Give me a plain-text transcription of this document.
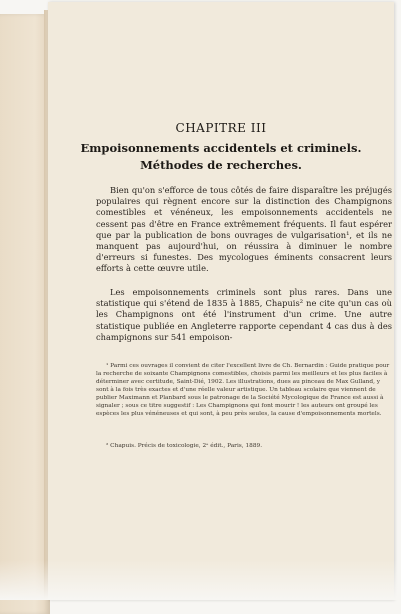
CHAPITRE III

Empoisonnements accidentels et criminels.

Méthodes de recherches.

Bien qu'on s'efforce de tous côtés de faire disparaître les préjugés populaires qui règnent encore sur la distinction des Champignons comestibles et vénéneux, les empoisonnements accidentels ne cessent pas d'être en France extrêmement fréquents. Il faut espérer que par la publication de bons ouvrages de vulgarisation¹, et ils ne manquent pas aujourd'hui, on réussira à diminuer le nombre d'erreurs si funestes. Des mycologues éminents consacrent leurs efforts à cette œuvre utile.

Les empoisonnements criminels sont plus rares. Dans une statistique qui s'étend de 1835 à 1885, Chapuis² ne cite qu'un cas où les Champignons ont été l'instrument d'un crime. Une autre statistique publiée en Angleterre rapporte cependant 4 cas dus à des champignons sur 541 empoison-

¹ Parmi ces ouvrages il convient de citer l'excellent livre de Ch. Bernardin : Guide pratique pour la recherche de soixante Champignons comestibles, choisis parmi les meilleurs et les plus faciles à déterminer avec certitude, Saint-Dié, 1902. Les illustrations, dues au pinceau de Max Gulland, y sont à la fois très exactes et d'une réelle valeur artistique. Un tableau scolaire que viennent de publier Maximann et Planbard sous le patronage de la Société Mycologique de France est aussi à signaler ; sous ce titre suggestif : Les Champignons qui font mourir ! les auteurs ont groupé les espèces les plus vénéneuses et qui sont, à peu près seules, la cause d'empoisonnements mortels.

² Chapuis. Précis de toxicologie, 2ᵉ édit., Paris, 1889.
